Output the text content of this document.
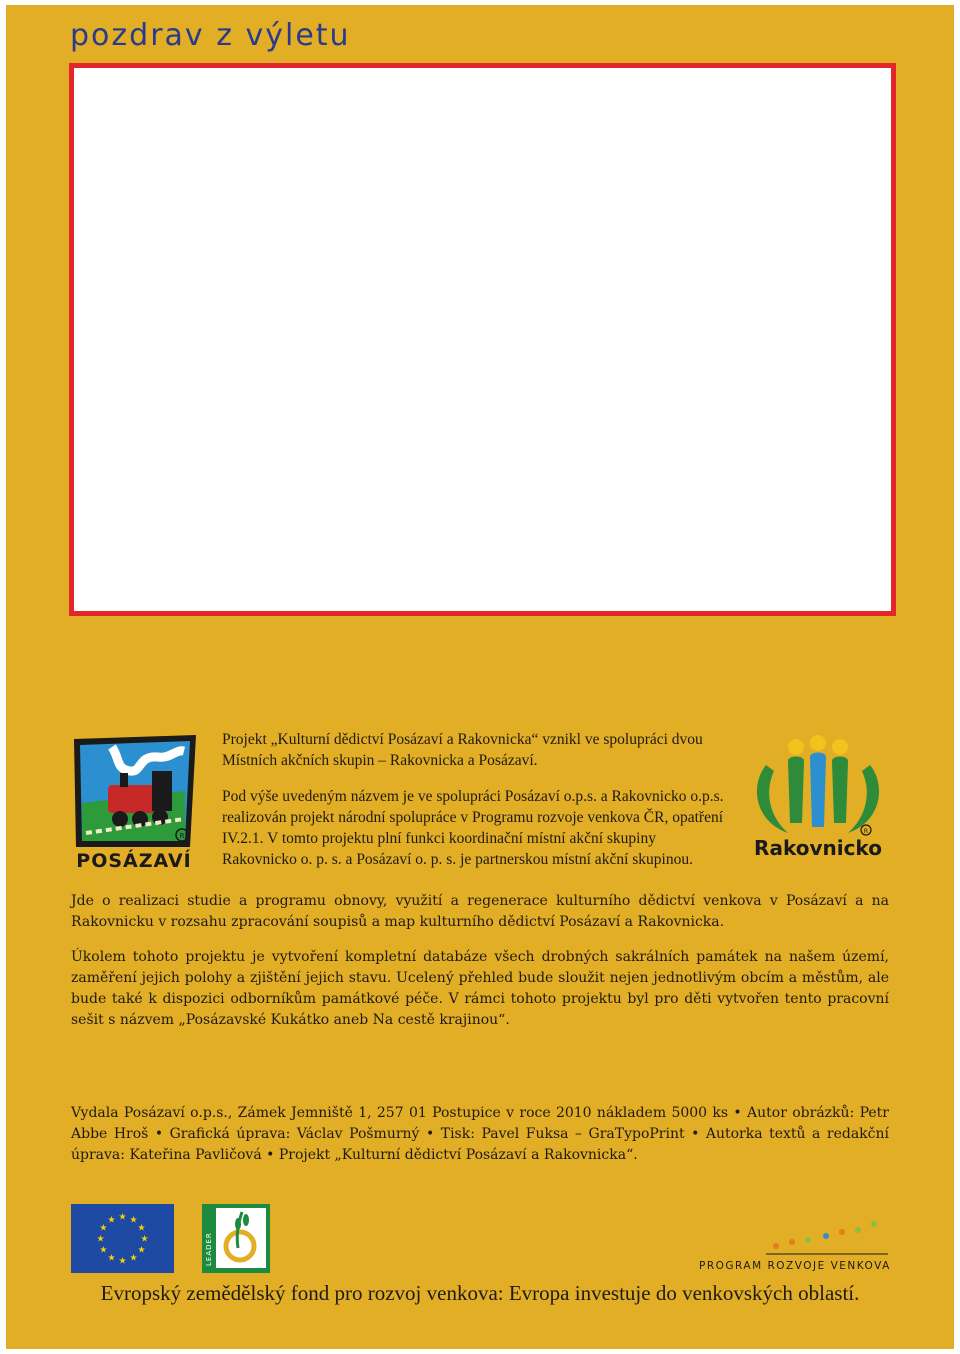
pozdrav z výletu
R
POSÁZAVÍ
R
Rakovnicko

Projekt „Kulturní dědictví Posázaví a Rakovnicka“ vznikl ve spolupráci dvou Místních akčních skupin – Rakovnicka a Posázaví.

Pod výše uvedeným názvem je ve spolupráci Posázaví o.p.s. a Rakovnicko o.p.s. realizován projekt národní spolupráce v Programu rozvoje venkova ČR, opatření IV.2.1. V tomto projektu plní funkci koordinační místní akční skupiny Rakovnicko o. p. s. a Posázaví o. p. s. je partnerskou místní akční skupinou.

Jde o realizaci studie a programu obnovy, využití a regenerace kulturního dědictví venkova v Posázaví a na Rakovnicku v rozsahu zpracování soupisů a map kulturního dědictví Posázaví a Rakovnicka.

Úkolem tohoto projektu je vytvoření kompletní databáze všech drobných sakrálních památek na našem území, zaměření jejich polohy a zjištění jejich stavu. Ucelený přehled bude sloužit nejen jednotlivým obcím a městům, ale bude také k dispozici odborníkům památkové péče. V rámci tohoto projektu byl pro děti vytvořen tento pracovní sešit s názvem „Posázavské Kukátko aneb Na cestě krajinou“.

Vydala Posázaví o.p.s., Zámek Jemniště 1, 257 01 Postupice v roce 2010 nákladem 5000 ks • Autor obrázků: Petr Abbe Hroš • Grafická úprava: Václav Pošmurný • Tisk: Pavel Fuksa – GraTypoPrint • Autorka textů a redakční úprava: Kateřina Pavličová • Projekt „Kulturní dědictví Posázaví a Rakovnicka“.

★
★
★
★
★
★
★
★
★ ★ ★
★
LEADER	PROGRAM ROZVOJE VENKOVA
Evropský zemědělský fond pro rozvoj venkova: Evropa investuje do venkovských oblastí.
